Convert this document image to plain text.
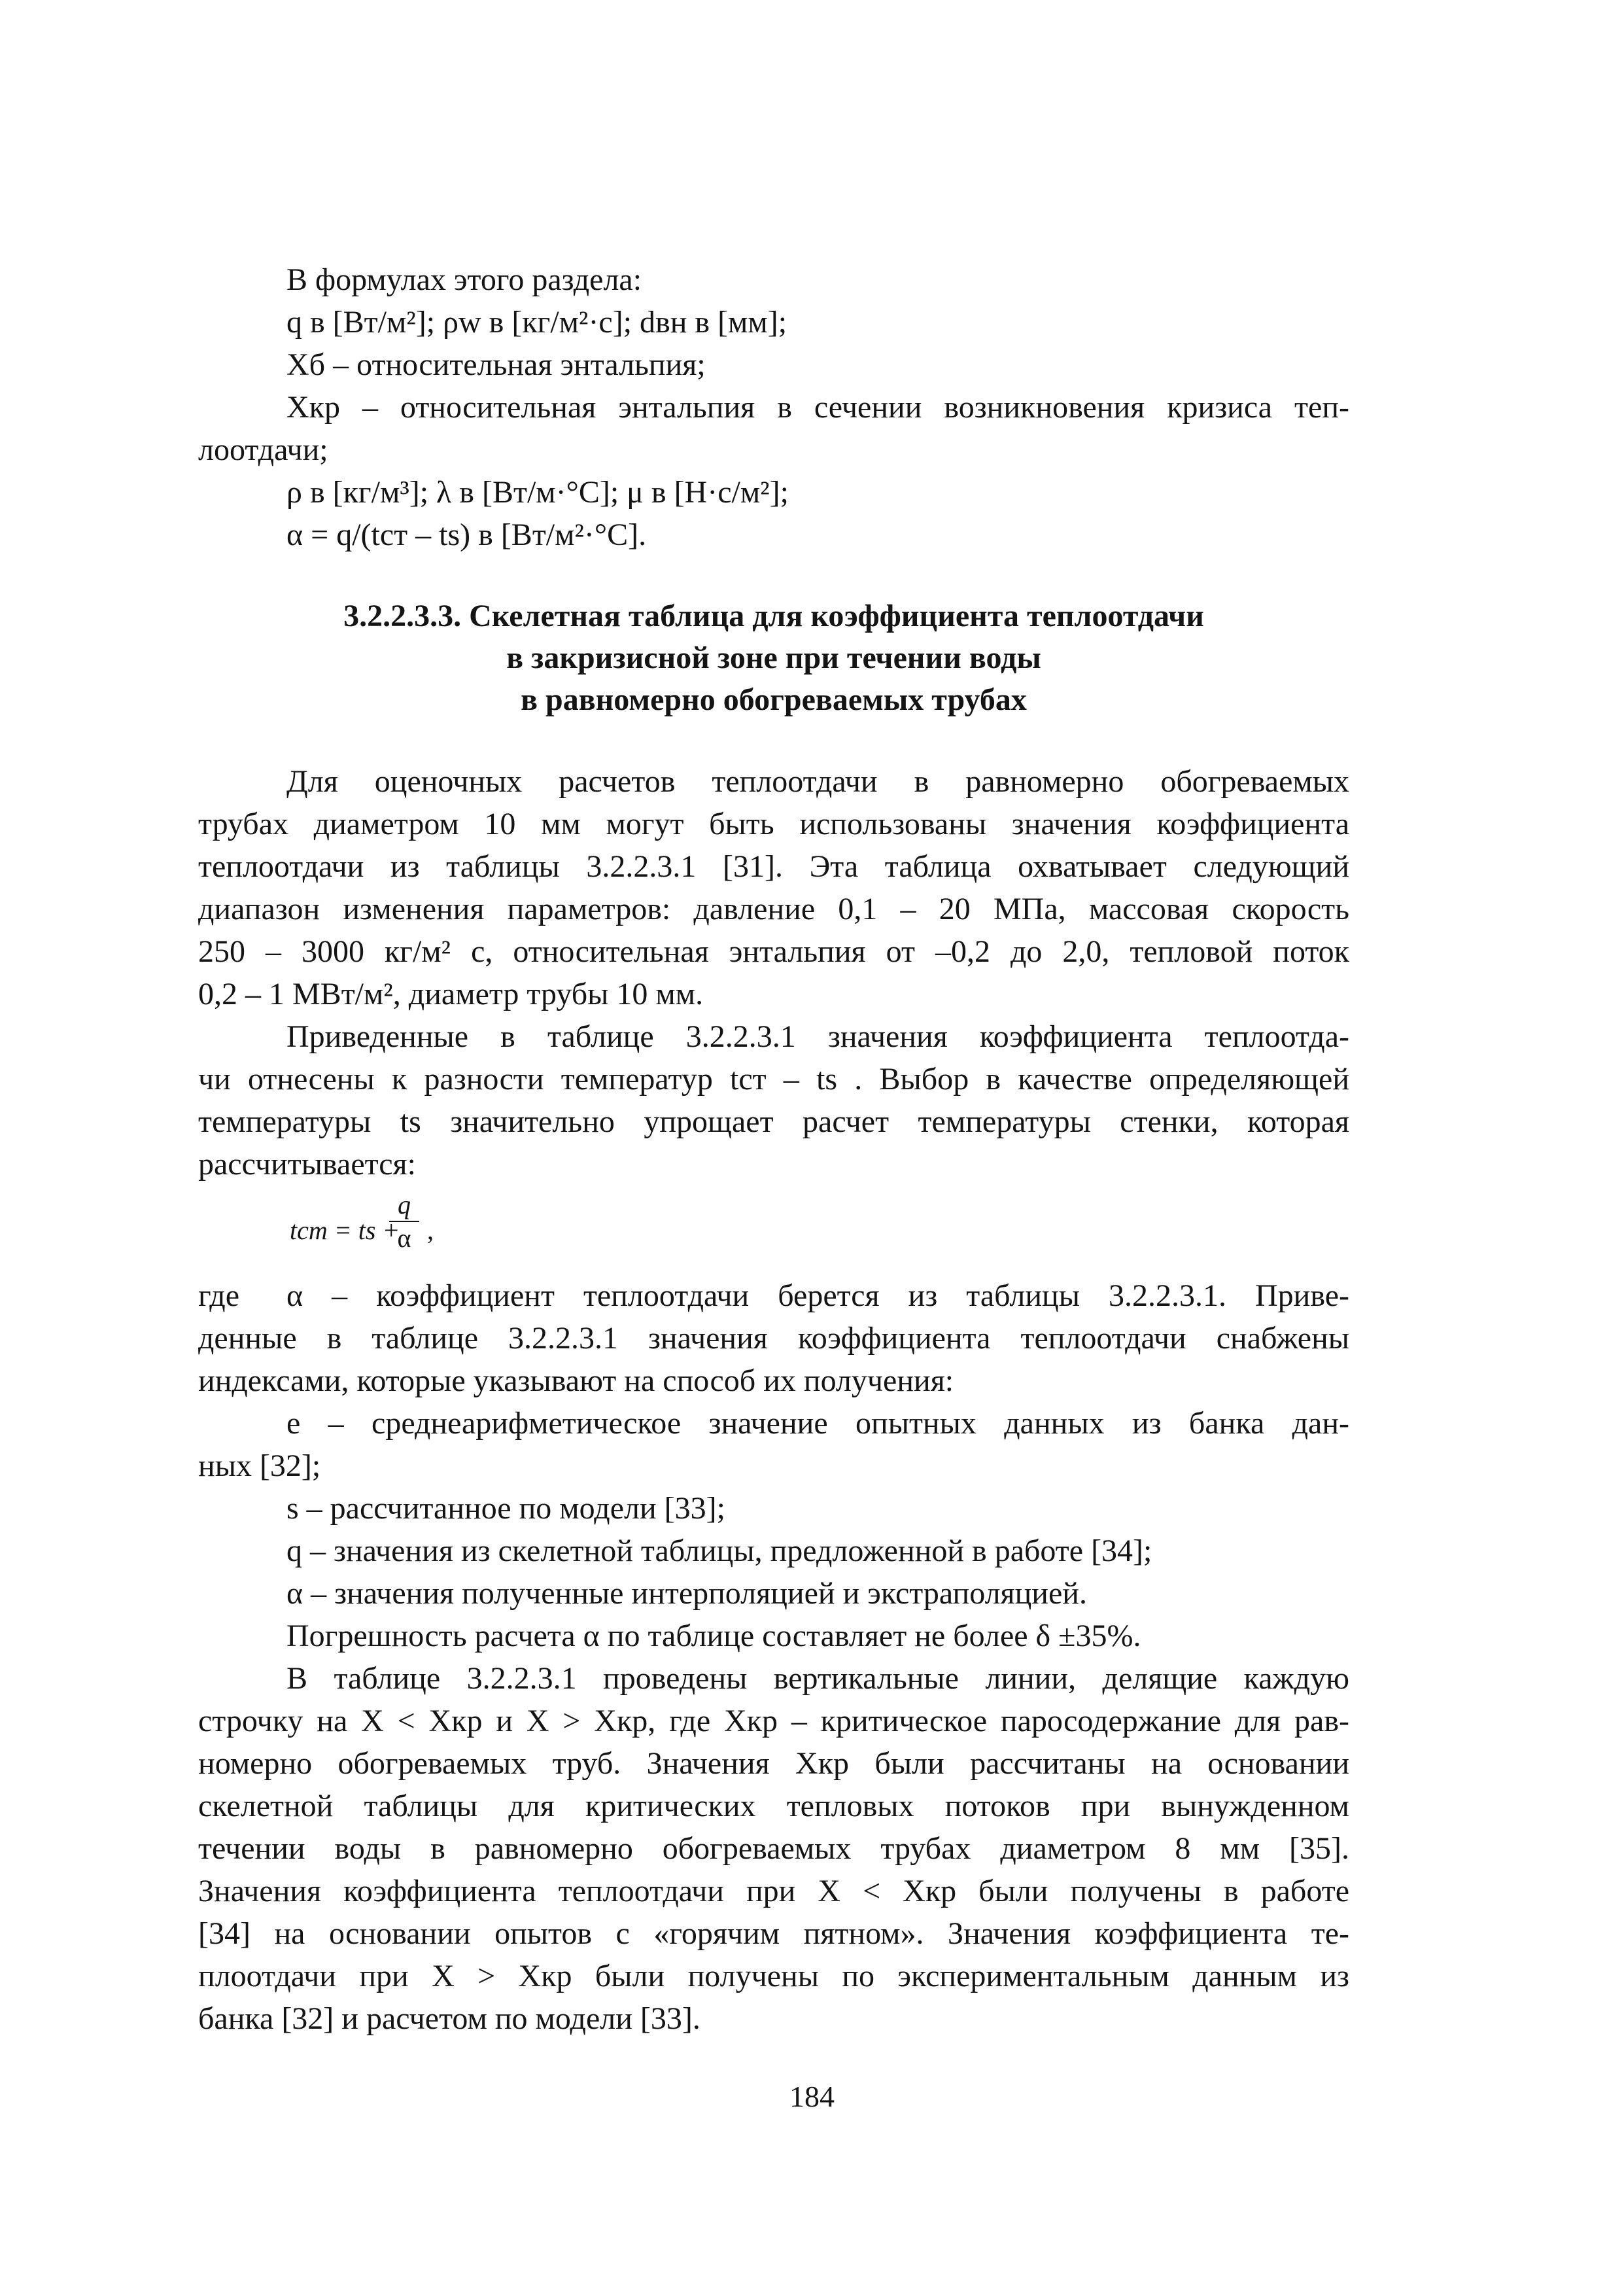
В формулах этого раздела:
q в [Вт/м²]; ρw в [кг/м²·с]; dвн в [мм];
Xб – относительная энтальпия;
Xкр – относительная энтальпия в сечении возникновения кризиса теп-
лоотдачи;
ρ в [кг/м³]; λ в [Вт/м·°С]; μ в [Н·с/м²];
α = q/(tст – ts) в [Вт/м²·°С].
3.2.2.3.3. Скелетная таблица для коэффициента теплоотдачи
в закризисной зоне при течении воды
в равномерно обогреваемых трубах
Для оценочных расчетов теплоотдачи в равномерно обогреваемых
трубах диаметром 10 мм могут быть использованы значения коэффициента
теплоотдачи из таблицы 3.2.2.3.1 [31]. Эта таблица охватывает следующий
диапазон изменения параметров: давление 0,1 – 20 МПа, массовая скорость
250 – 3000 кг/м² с, относительная энтальпия от –0,2 до 2,0, тепловой поток
0,2 – 1 МВт/м², диаметр трубы 10 мм.
Приведенные в таблице 3.2.2.3.1 значения коэффициента теплоотда-
чи отнесены к разности температур tст – ts . Выбор в качестве определяющей
температуры ts значительно упрощает расчет температуры стенки, которая
рассчитывается:
tст = ts +
$\frac{q}{\alpha}$ ,
где α – коэффициент теплоотдачи берется из таблицы 3.2.2.3.1. Приве-
денные в таблице 3.2.2.3.1 значения коэффициента теплоотдачи снабжены
индексами, которые указывают на способ их получения:
e – среднеарифметическое значение опытных данных из банка дан-
ных [32];
s – рассчитанное по модели [33];
q – значения из скелетной таблицы, предложенной в работе [34];
α – значения полученные интерполяцией и экстраполяцией.
Погрешность расчета α по таблице составляет не более δ ±35%.
В таблице 3.2.2.3.1 проведены вертикальные линии, делящие каждую
строчку на X < Xкр и X > Xкр, где Xкр – критическое паросодержание для рав-
номерно обогреваемых труб. Значения Xкр были рассчитаны на основании
скелетной таблицы для критических тепловых потоков при вынужденном
течении воды в равномерно обогреваемых трубах диаметром 8 мм [35].
Значения коэффициента теплоотдачи при X < Xкр были получены в работе
[34] на основании опытов с «горячим пятном». Значения коэффициента те-
плоотдачи при X > Xкр были получены по экспериментальным данным из
банка [32] и расчетом по модели [33].
184
